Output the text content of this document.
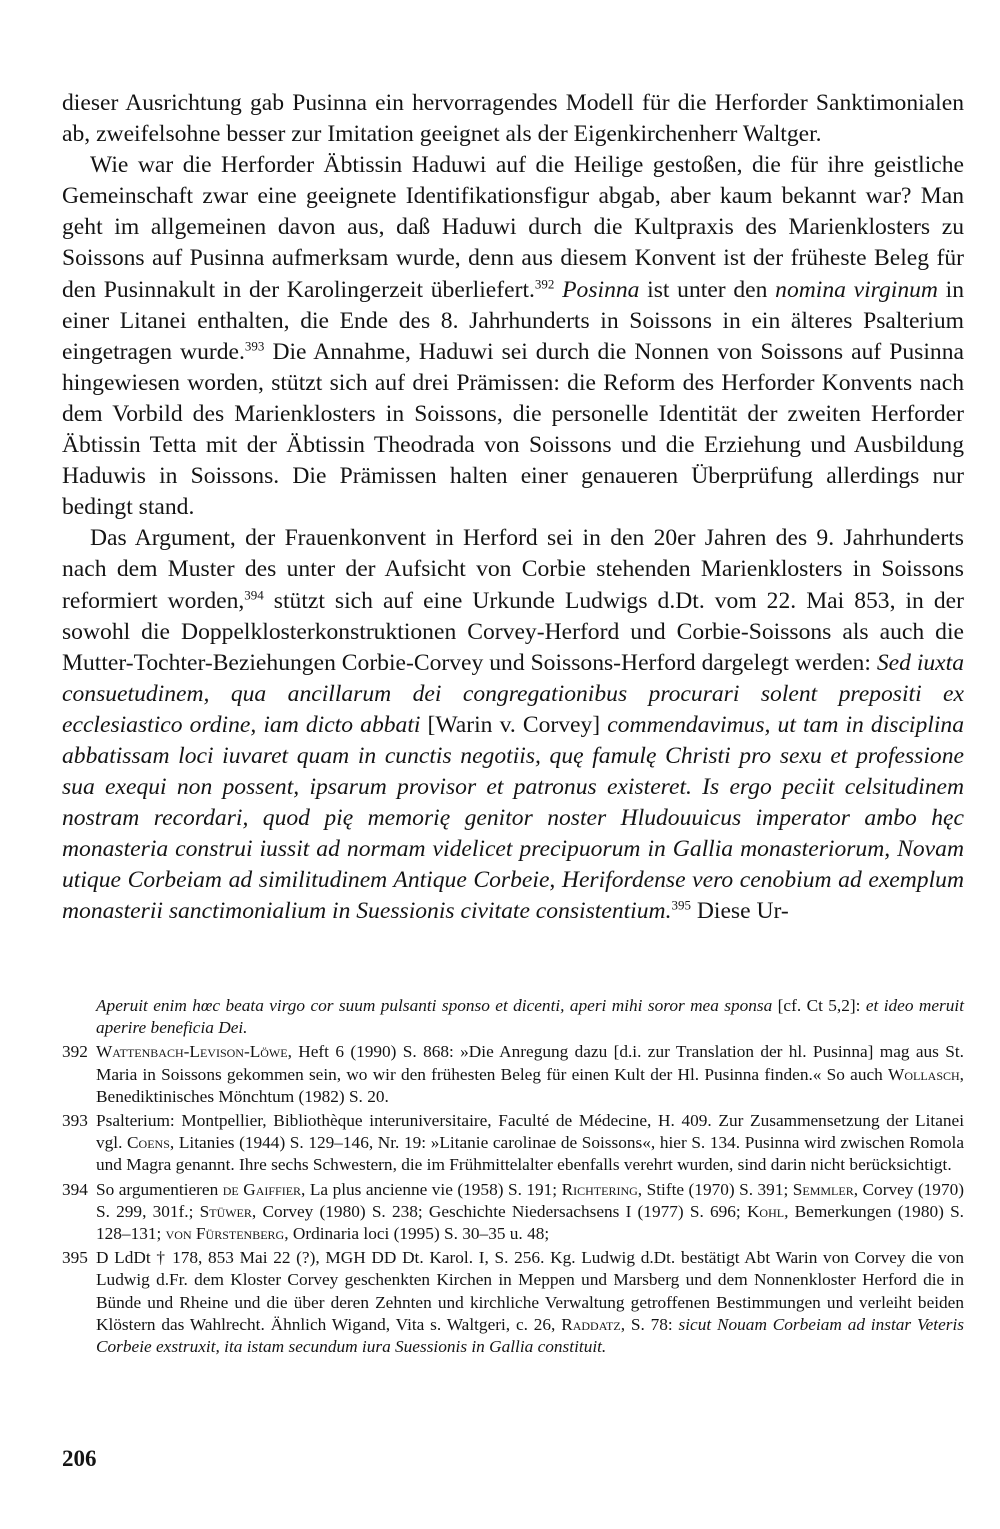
dieser Ausrichtung gab Pusinna ein hervorragendes Modell für die Herforder Sanktimonialen ab, zweifelsohne besser zur Imitation geeignet als der Eigenkirchenherr Waltger.

Wie war die Herforder Äbtissin Haduwi auf die Heilige gestoßen, die für ihre geistliche Gemeinschaft zwar eine geeignete Identifikationsfigur abgab, aber kaum bekannt war? Man geht im allgemeinen davon aus, daß Haduwi durch die Kultpraxis des Marienklosters zu Soissons auf Pusinna aufmerksam wurde, denn aus diesem Konvent ist der früheste Beleg für den Pusinnakult in der Karolingerzeit überliefert.$^{392}$ Posinna ist unter den nomina virginum in einer Litanei enthalten, die Ende des 8. Jahrhunderts in Soissons in ein älteres Psalterium eingetragen wurde.$^{393}$ Die Annahme, Haduwi sei durch die Nonnen von Soissons auf Pusinna hingewiesen worden, stützt sich auf drei Prämissen: die Reform des Herforder Konvents nach dem Vorbild des Marienklosters in Soissons, die personelle Identität der zweiten Herforder Äbtissin Tetta mit der Äbtissin Theodrada von Soissons und die Erziehung und Ausbildung Haduwis in Soissons. Die Prämissen halten einer genaueren Überprüfung allerdings nur bedingt stand.

Das Argument, der Frauenkonvent in Herford sei in den 20er Jahren des 9. Jahrhunderts nach dem Muster des unter der Aufsicht von Corbie stehenden Marienklosters in Soissons reformiert worden,$^{394}$ stützt sich auf eine Urkunde Ludwigs d.Dt. vom 22. Mai 853, in der sowohl die Doppelklosterkonstruktionen Corvey-Herford und Corbie-Soissons als auch die Mutter-Tochter-Beziehungen Corbie-Corvey und Soissons-Herford dargelegt werden: Sed iuxta consuetudinem, qua ancillarum dei congregationibus procurari solent prepositi ex ecclesiastico ordine, iam dicto abbati [Warin v. Corvey] commendavimus, ut tam in disciplina abbatissam loci iuvaret quam in cunctis negotiis, quę famulę Christi pro sexu et professione sua exequi non possent, ipsarum provisor et patronus existeret. Is ergo peciit celsitudinem nostram recordari, quod pię memorię genitor noster Hludouuicus imperator ambo hęc monasteria construi iussit ad normam videlicet precipuorum in Gallia monasteriorum, Novam utique Corbeiam ad similitudinem Antique Corbeie, Herifordense vero cenobium ad exemplum monasterii sanctimonialium in Suessionis civitate consistentium.$^{395}$ Diese Ur-

Aperuit enim hœc beata virgo cor suum pulsanti sponso et dicenti, aperi mihi soror mea sponsa [cf. Ct 5,2]: et ideo meruit aperire beneficia Dei.

392 Wattenbach-Levison-Löwe, Heft 6 (1990) S. 868: »Die Anregung dazu [d.i. zur Translation der hl. Pusinna] mag aus St. Maria in Soissons gekommen sein, wo wir den frühesten Beleg für einen Kult der Hl. Pusinna finden.« So auch Wollasch, Benediktinisches Mönchtum (1982) S. 20.

393 Psalterium: Montpellier, Bibliothèque interuniversitaire, Faculté de Médecine, H. 409. Zur Zusammensetzung der Litanei vgl. Coens, Litanies (1944) S. 129–146, Nr. 19: »Litanie carolinae de Soissons«, hier S. 134. Pusinna wird zwischen Romola und Magra genannt. Ihre sechs Schwestern, die im Frühmittelalter ebenfalls verehrt wurden, sind darin nicht berücksichtigt.

394 So argumentieren de Gaiffier, La plus ancienne vie (1958) S. 191; Richtering, Stifte (1970) S. 391; Semmler, Corvey (1970) S. 299, 301f.; Stüwer, Corvey (1980) S. 238; Geschichte Niedersachsens I (1977) S. 696; Kohl, Bemerkungen (1980) S. 128–131; von Fürstenberg, Ordinaria loci (1995) S. 30–35 u. 48;

395 D LdDt † 178, 853 Mai 22 (?), MGH DD Dt. Karol. I, S. 256. Kg. Ludwig d.Dt. bestätigt Abt Warin von Corvey die von Ludwig d.Fr. dem Kloster Corvey geschenkten Kirchen in Meppen und Marsberg und dem Nonnenkloster Herford die in Bünde und Rheine und die über deren Zehnten und kirchliche Verwaltung getroffenen Bestimmungen und verleiht beiden Klöstern das Wahlrecht. Ähnlich Wigand, Vita s. Waltgeri, c. 26, Raddatz, S. 78: sicut Nouam Corbeiam ad instar Veteris Corbeie exstruxit, ita istam secundum iura Suessionis in Gallia constituit.

206
